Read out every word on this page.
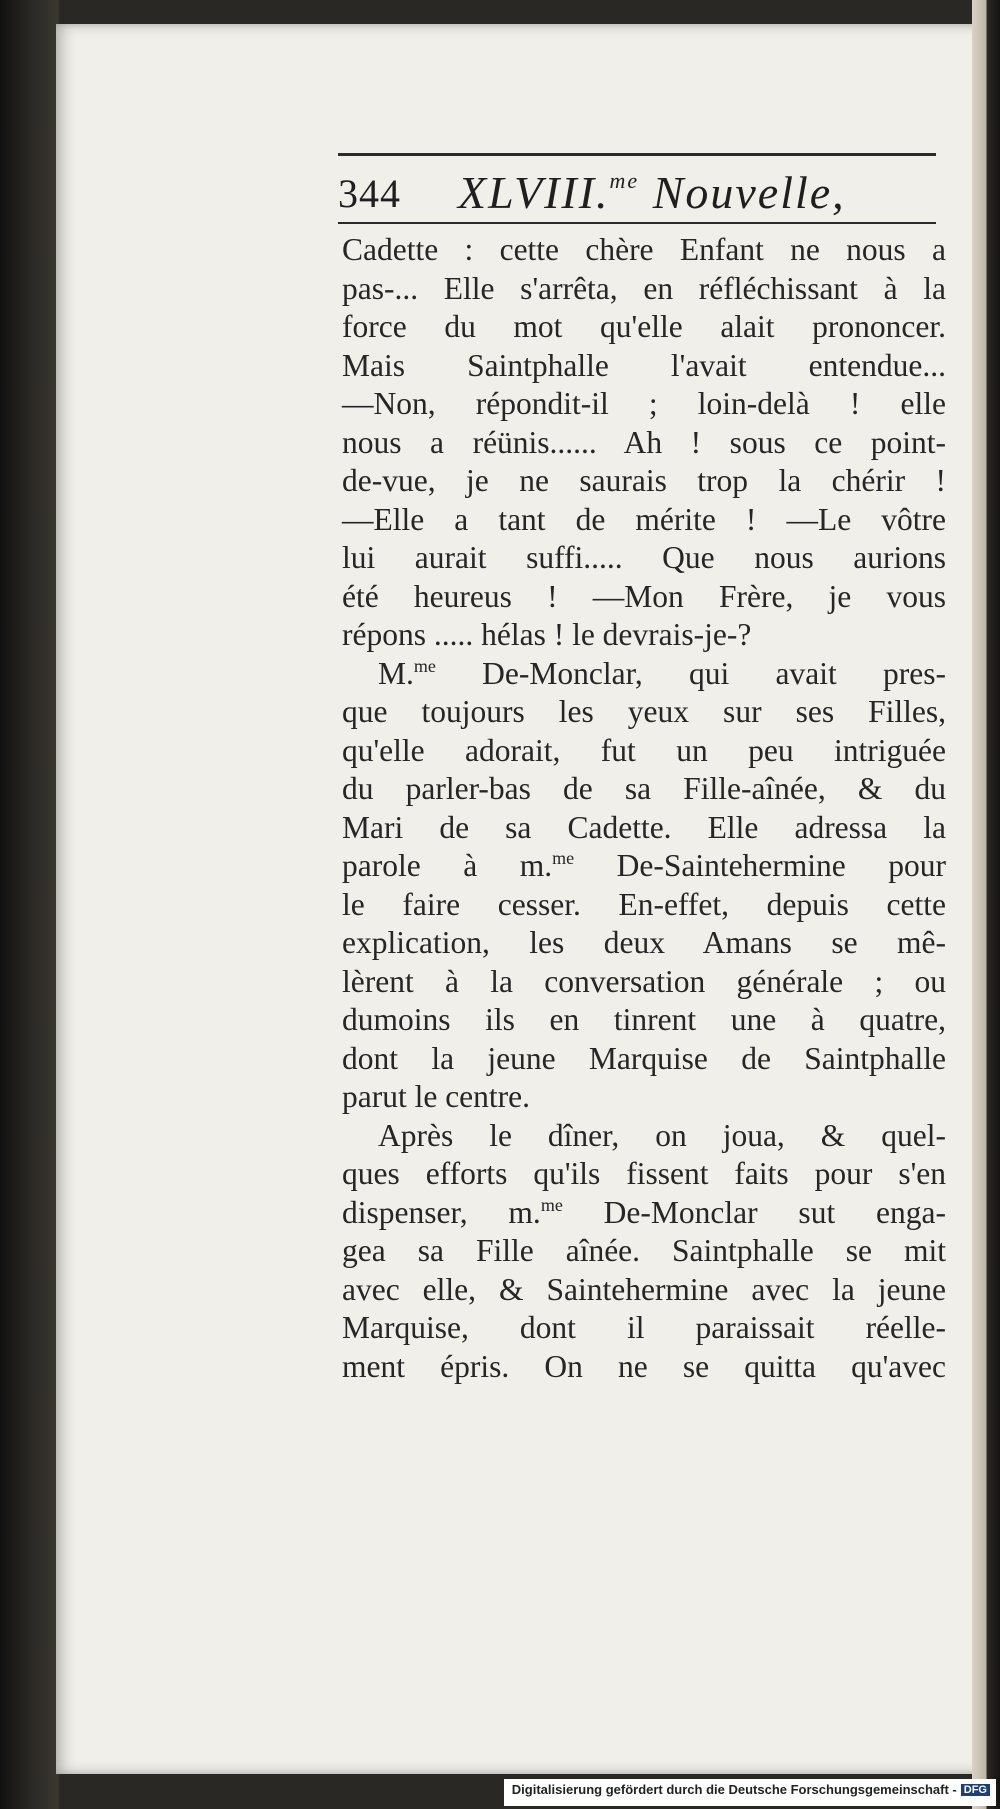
344 XLVIII.$^{me}$ Nouvelle,
Cadette : cette chère Enfant ne nous a
pas-... Elle s'arrêta, en réfléchissant à la
force du mot qu'elle alait prononcer.
Mais Saintphalle l'avait entendue...
—Non, répondit-il ; loin-delà ! elle
nous a réünis...... Ah ! sous ce point-
de-vue, je ne saurais trop la chérir !
—Elle a tant de mérite ! —Le vôtre
lui aurait suffi..... Que nous aurions
été heureus ! —Mon Frère, je vous
répons ..... hélas ! le devrais-je-?
M.$^{me}$ De-Monclar, qui avait pres-
que toujours les yeux sur ses Filles,
qu'elle adorait, fut un peu intriguée
du parler-bas de sa Fille-aînée, & du
Mari de sa Cadette. Elle adressa la
parole à m.$^{me}$ De-Saintehermine pour
le faire cesser. En-effet, depuis cette
explication, les deux Amans se mê-
lèrent à la conversation générale ; ou
dumoins ils en tinrent une à quatre,
dont la jeune Marquise de Saintphalle
parut le centre.
Après le dîner, on joua, & quel-
ques efforts qu'ils fissent faits pour s'en
dispenser, m.$^{me}$ De-Monclar sut enga-
gea sa Fille aînée. Saintphalle se mit
avec elle, & Saintehermine avec la jeune
Marquise, dont il paraissait réelle-
ment épris. On ne se quitta qu'avec
Digitalisierung gefördert durch die Deutsche Forschungsgemeinschaft - DFG
